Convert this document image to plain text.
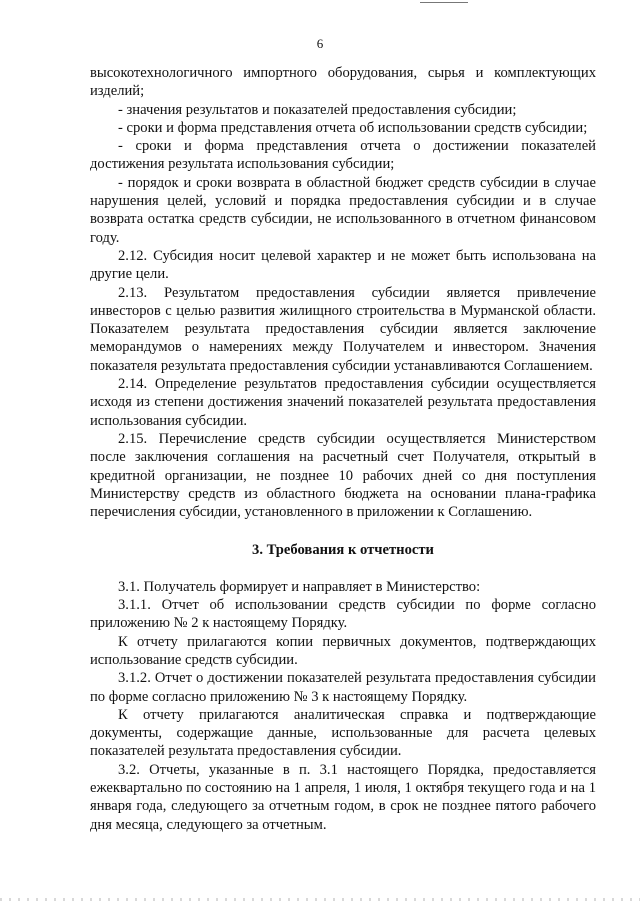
6

высокотехнологичного импортного оборудования, сырья и комплектующих изделий;

- значения результатов и показателей предоставления субсидии;

- сроки и форма представления отчета об использовании средств субсидии;

- сроки и форма представления отчета о достижении показателей достижения результата использования субсидии;

- порядок и сроки возврата в областной бюджет средств субсидии в случае нарушения целей, условий и порядка предоставления субсидии и в случае возврата остатка средств субсидии, не использованного в отчетном финансовом году.

2.12. Субсидия носит целевой характер и не может быть использована на другие цели.

2.13. Результатом предоставления субсидии является привлечение инвесторов с целью развития жилищного строительства в Мурманской области. Показателем результата предоставления субсидии является заключение меморандумов о намерениях между Получателем и инвестором. Значения показателя результата предоставления субсидии устанавливаются Соглашением.

2.14. Определение результатов предоставления субсидии осуществляется исходя из степени достижения значений показателей результата предоставления использования субсидии.

2.15. Перечисление средств субсидии осуществляется Министерством после заключения соглашения на расчетный счет Получателя, открытый в кредитной организации, не позднее 10 рабочих дней со дня поступления Министерству средств из областного бюджета на основании плана-графика перечисления субсидии, установленного в приложении к Соглашению.

3. Требования к отчетности

3.1. Получатель формирует и направляет в Министерство:

3.1.1. Отчет об использовании средств субсидии по форме согласно приложению № 2 к настоящему Порядку.

К отчету прилагаются копии первичных документов, подтверждающих использование средств субсидии.

3.1.2. Отчет о достижении показателей результата предоставления субсидии по форме согласно приложению № 3 к настоящему Порядку.

К отчету прилагаются аналитическая справка и подтверждающие документы, содержащие данные, использованные для расчета целевых показателей результата предоставления субсидии.

3.2. Отчеты, указанные в п. 3.1 настоящего Порядка, предоставляется ежеквартально по состоянию на 1 апреля, 1 июля, 1 октября текущего года и на 1 января года, следующего за отчетным годом, в срок не позднее пятого рабочего дня месяца, следующего за отчетным.
